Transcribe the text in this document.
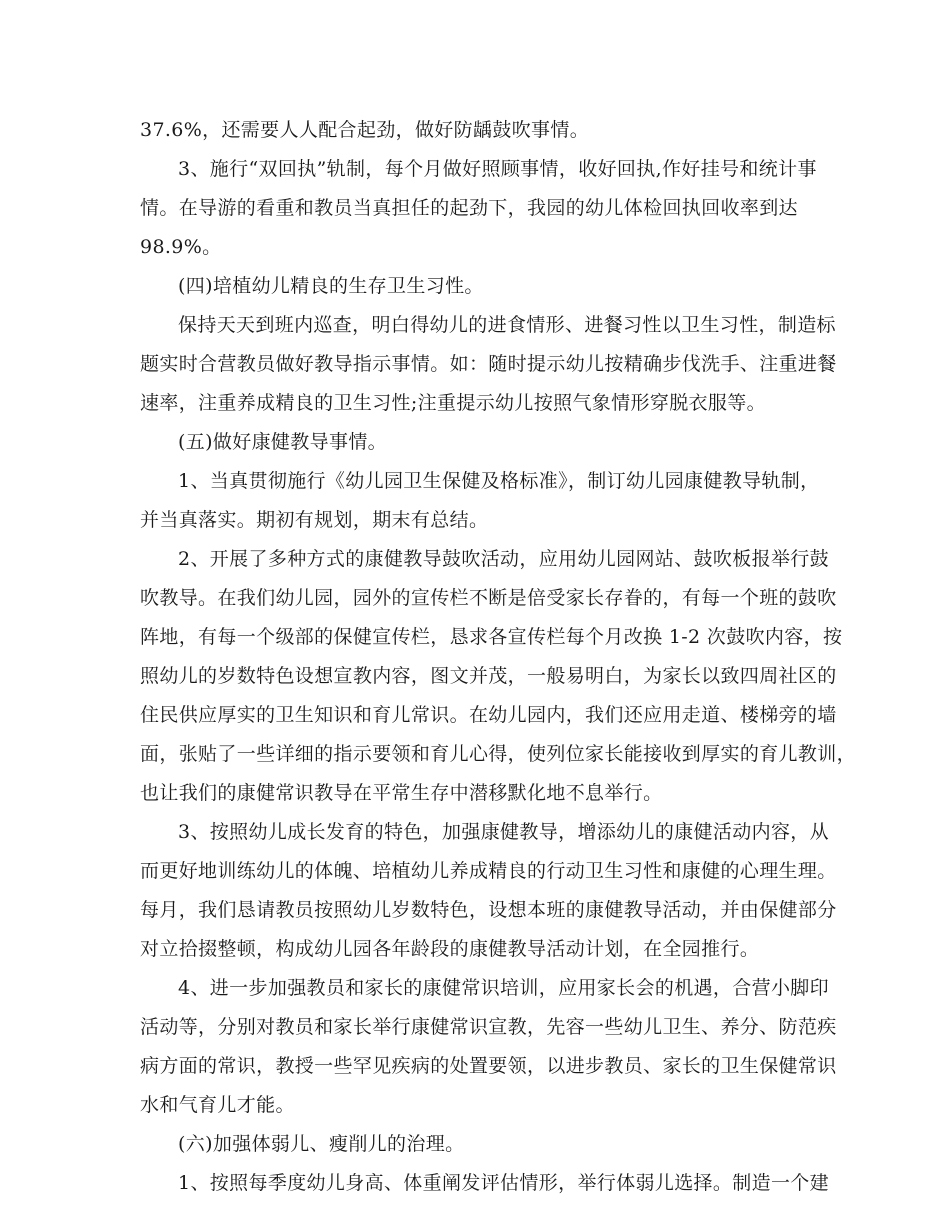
37.6%，还需要人人配合起劲，做好防龋鼓吹事情。
3、施行“双回执”轨制，每个月做好照顾事情，收好回执,作好挂号和统计事
情。在导游的看重和教员当真担任的起劲下，我园的幼儿体检回执回收率到达
98.9%。
(四)培植幼儿精良的生存卫生习性。
保持天天到班内巡查，明白得幼儿的进食情形、进餐习性以卫生习性，制造标
题实时合营教员做好教导指示事情。如：随时提示幼儿按精确步伐洗手、注重进餐
速率，注重养成精良的卫生习性;注重提示幼儿按照气象情形穿脱衣服等。
(五)做好康健教导事情。
1、当真贯彻施行《幼儿园卫生保健及格标准》，制订幼儿园康健教导轨制，
并当真落实。期初有规划，期末有总结。
2、开展了多种方式的康健教导鼓吹活动，应用幼儿园网站、鼓吹板报举行鼓
吹教导。在我们幼儿园，园外的宣传栏不断是倍受家长存眷的，有每一个班的鼓吹
阵地，有每一个级部的保健宣传栏，恳求各宣传栏每个月改换 1-2 次鼓吹内容，按
照幼儿的岁数特色设想宣教内容，图文并茂，一般易明白，为家长以致四周社区的
住民供应厚实的卫生知识和育儿常识。在幼儿园内，我们还应用走道、楼梯旁的墙
面，张贴了一些详细的指示要领和育儿心得，使列位家长能接收到厚实的育儿教训，
也让我们的康健常识教导在平常生存中潜移默化地不息举行。
3、按照幼儿成长发育的特色，加强康健教导，增添幼儿的康健活动内容，从
而更好地训练幼儿的体魄、培植幼儿养成精良的行动卫生习性和康健的心理生理。
每月，我们恳请教员按照幼儿岁数特色，设想本班的康健教导活动，并由保健部分
对立拾掇整顿，构成幼儿园各年龄段的康健教导活动计划，在全园推行。
4、进一步加强教员和家长的康健常识培训，应用家长会的机遇，合营小脚印
活动等，分别对教员和家长举行康健常识宣教，先容一些幼儿卫生、养分、防范疾
病方面的常识，教授一些罕见疾病的处置要领，以进步教员、家长的卫生保健常识
水和气育儿才能。
(六)加强体弱儿、瘦削儿的治理。
1、按照每季度幼儿身高、体重阐发评估情形，举行体弱儿选择。制造一个建
